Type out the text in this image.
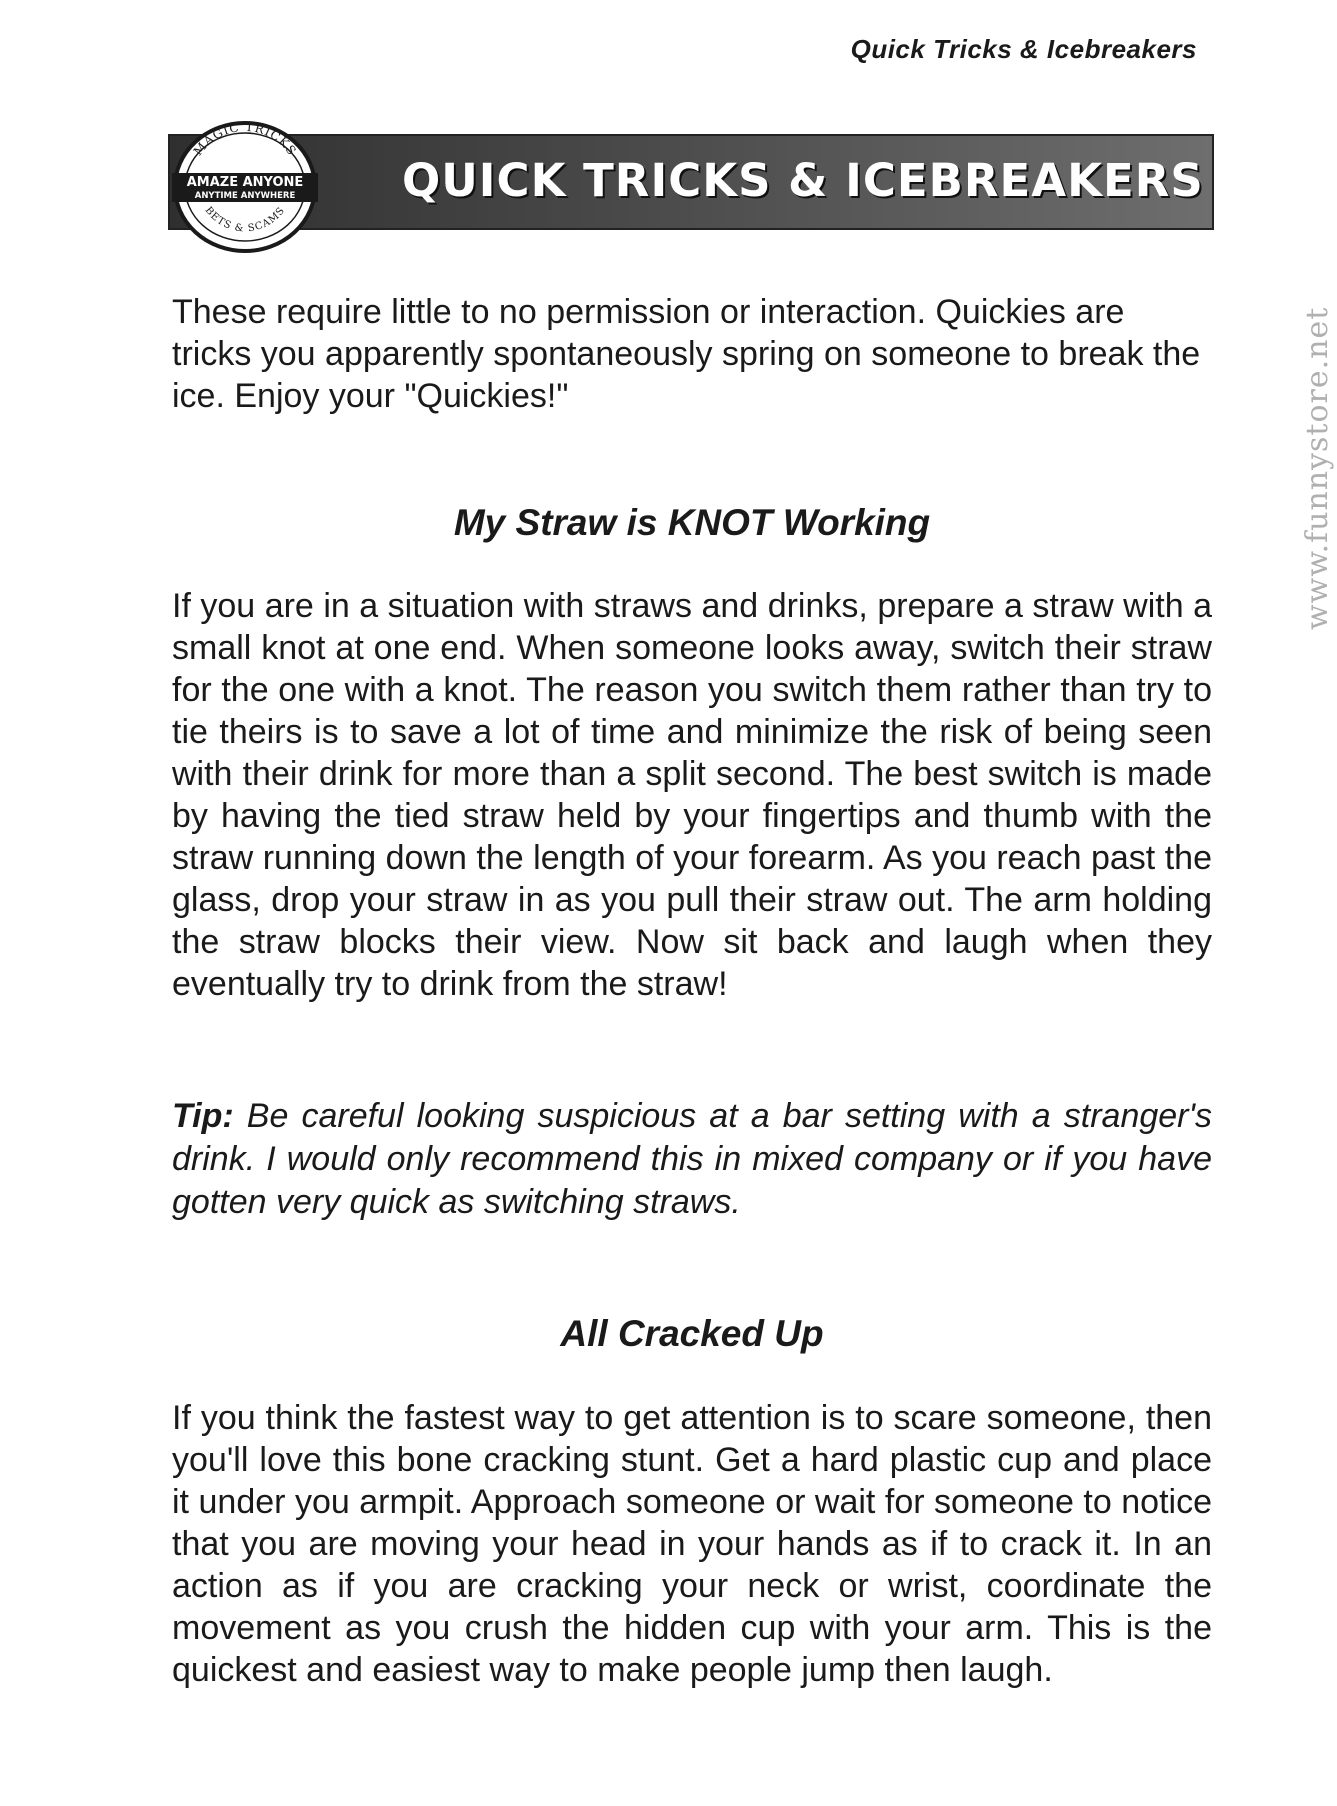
Quick Tricks & Icebreakers
QUICK TRICKS & ICEBREAKERS
MAGIC TRICKS
AMAZE ANYONE
ANYTIME ANYWHERE
BETS & SCAMS

These require little to no permission or interaction. Quickies are tricks you apparently spontaneously spring on someone to break the ice. Enjoy your "Quickies!"

My Straw is KNOT Working

If you are in a situation with straws and drinks, prepare a straw with a small knot at one end. When someone looks away, switch their straw for the one with a knot. The reason you switch them rather than try to tie theirs is to save a lot of time and minimize the risk of being seen with their drink for more than a split second. The best switch is made by having the tied straw held by your fingertips and thumb with the straw running down the length of your forearm. As you reach past the glass, drop your straw in as you pull their straw out. The arm holding the straw blocks their view. Now sit back and laugh when they eventually try to drink from the straw!

Tip: Be careful looking suspicious at a bar setting with a stranger's drink. I would only recommend this in mixed company or if you have gotten very quick as switching straws.

All Cracked Up

If you think the fastest way to get attention is to scare someone, then you'll love this bone cracking stunt. Get a hard plastic cup and place it under you armpit. Approach someone or wait for someone to notice that you are moving your head in your hands as if to crack it. In an action as if you are cracking your neck or wrist, coordinate the movement as you crush the hidden cup with your arm. This is the quickest and easiest way to make people jump then laugh.

www.funnystore.net
